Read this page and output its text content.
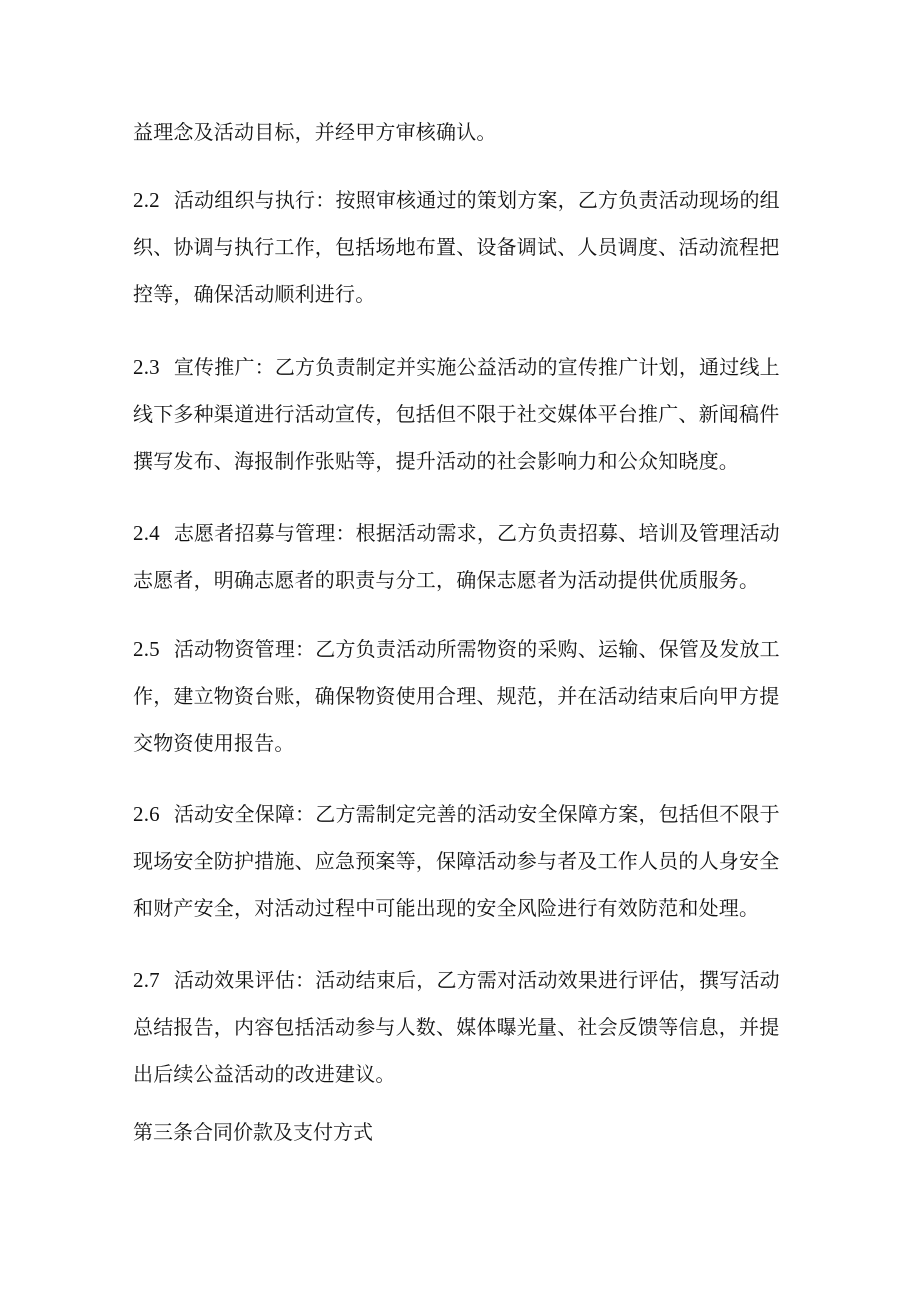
益理念及活动目标，并经甲方审核确认。

2.2 活动组织与执行：按照审核通过的策划方案，乙方负责活动现场的组
织、协调与执行工作，包括场地布置、设备调试、人员调度、活动流程把
控等，确保活动顺利进行。

2.3 宣传推广：乙方负责制定并实施公益活动的宣传推广计划，通过线上
线下多种渠道进行活动宣传，包括但不限于社交媒体平台推广、新闻稿件
撰写发布、海报制作张贴等，提升活动的社会影响力和公众知晓度。

2.4 志愿者招募与管理：根据活动需求，乙方负责招募、培训及管理活动
志愿者，明确志愿者的职责与分工，确保志愿者为活动提供优质服务。

2.5 活动物资管理：乙方负责活动所需物资的采购、运输、保管及发放工
作，建立物资台账，确保物资使用合理、规范，并在活动结束后向甲方提
交物资使用报告。

2.6 活动安全保障：乙方需制定完善的活动安全保障方案，包括但不限于
现场安全防护措施、应急预案等，保障活动参与者及工作人员的人身安全
和财产安全，对活动过程中可能出现的安全风险进行有效防范和处理。

2.7 活动效果评估：活动结束后，乙方需对活动效果进行评估，撰写活动
总结报告，内容包括活动参与人数、媒体曝光量、社会反馈等信息，并提
出后续公益活动的改进建议。

第三条合同价款及支付方式
